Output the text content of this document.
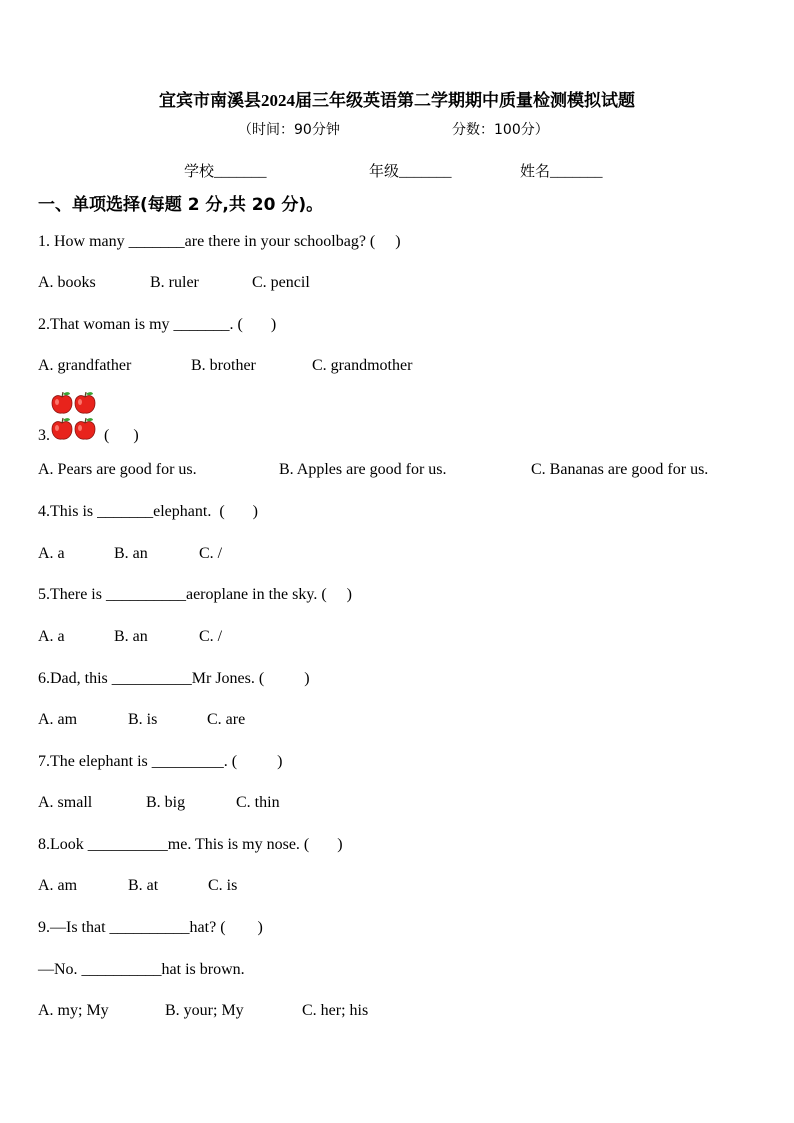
宜宾市南溪县2024届三年级英语第二学期期中质量检测模拟试题
（时间：90分钟	分数：100分）
学校_______	年级_______	姓名_______
一、单项选择(每题 2 分,共 20 分)。
1. How many _______are there in your schoolbag? (     )
A. books	B. ruler	C. pencil
2.That woman is my _______. (       )
A. grandfather	B. brother	C. grandmother
3.	(      )
A. Pears are good for us.	B. Apples are good for us.	C. Bananas are good for us.
4.This is _______elephant.  (       )
A. a	B. an	C. /
5.There is __________aeroplane in the sky. (     )
A. a	B. an	C. /
6.Dad, this __________Mr Jones. (          )
A. am	B. is	C. are
7.The elephant is _________. (          )
A. small	B. big	C. thin
8.Look __________me. This is my nose. (       )
A. am	B. at	C. is
9.—Is that __________hat? (        )
—No. __________hat is brown.
A. my; My	B. your; My	C. her; his
